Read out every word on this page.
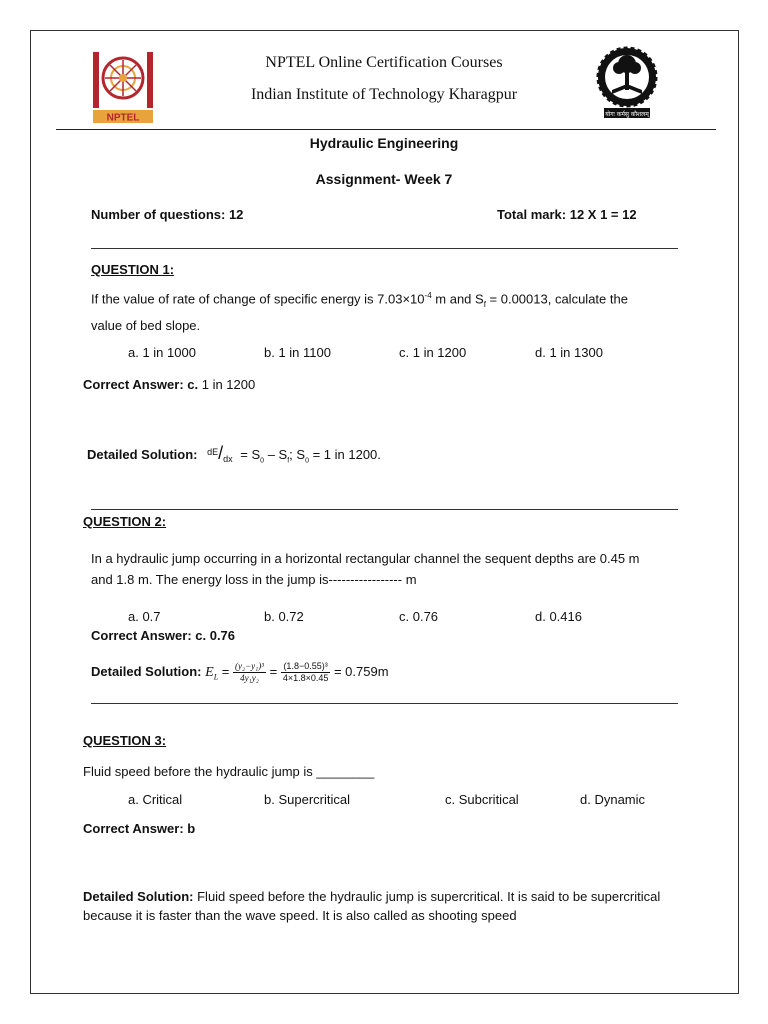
NPTEL
NPTEL Online Certification Courses
Indian Institute of Technology Kharagpur
योगः कर्मसु कौशलम्
Hydraulic Engineering
Assignment- Week 7
Number of questions: 12	Total mark: 12 X 1 = 12
QUESTION 1:
If the value of rate of change of specific energy is $7.03\times 10^{-4}$ m and $S_f = 0.00013$, calculate the
value of bed slope.
a. 1 in 1000	b. 1 in 1100	c. 1 in 1200	d. 1 in 1300
Correct Answer: c. 1 in 1200
Detailed Solution: $^{dE}/_{dx} = S_0 - S_f$; $S_0 = 1$ in 1200.
QUESTION 2:
In a hydraulic jump occurring in a horizontal rectangular channel the sequent depths are 0.45 m
and 1.8 m. The energy loss in the jump is----------------- m
a. 0.7	b. 0.72	c. 0.76	d. 0.416
Correct Answer: c. 0.76
Detailed Solution: $E_L = \frac{\text{(y₂−y₁)³}}{\text{4y₁y₂}} = \frac{\text{(1.8−0.55)³}}{4\times 1.8\times 0.45} = 0.759m$
QUESTION 3:
Fluid speed before the hydraulic jump is ________
a. Critical	b. Supercritical	c. Subcritical	d. Dynamic
Correct Answer: b
Detailed Solution: Fluid speed before the hydraulic jump is supercritical. It is said to be supercritical
because it is faster than the wave speed. It is also called as shooting speed
